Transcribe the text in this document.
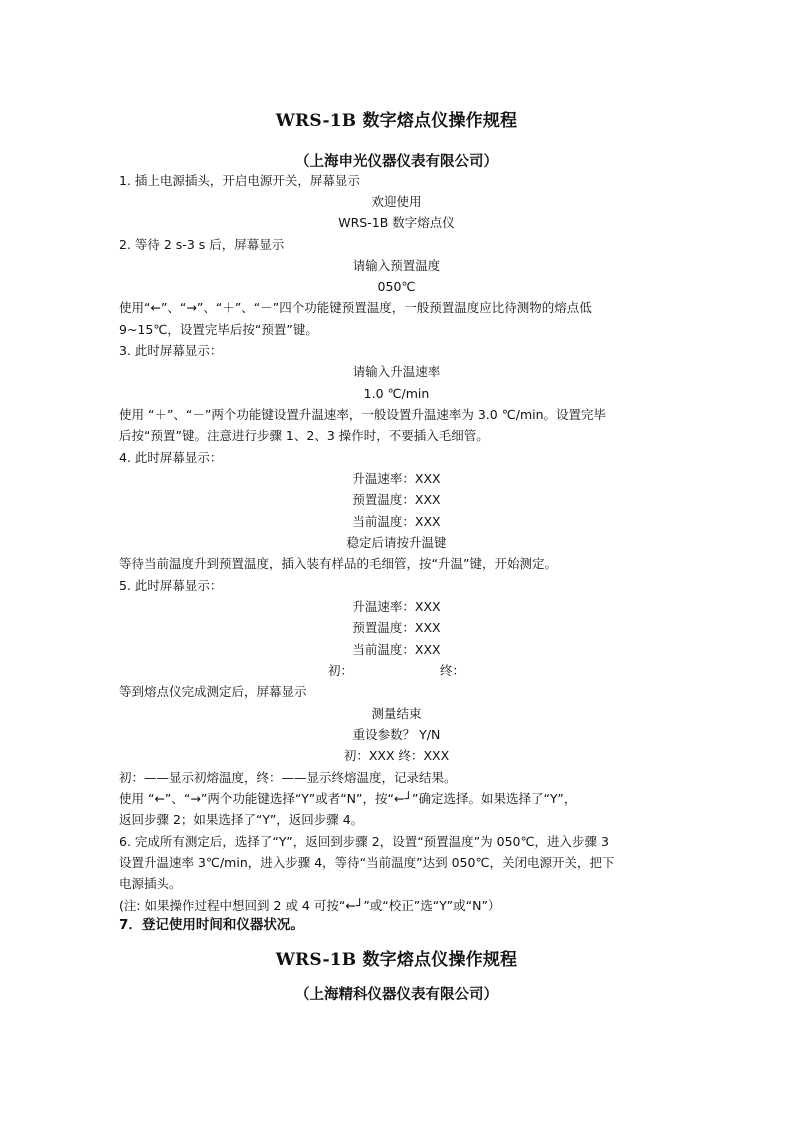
WRS-1B 数字熔点仪操作规程
（上海申光仪器仪表有限公司）
1. 插上电源插头，开启电源开关，屏幕显示
欢迎使用
WRS-1B 数字熔点仪
2. 等待 2 s-3 s 后，屏幕显示
请输入预置温度
050℃
使用“←”、“→”、“＋”、“－”四个功能键预置温度，一般预置温度应比待测物的熔点低
9~15℃，设置完毕后按“预置”键。
3. 此时屏幕显示：
请输入升温速率
1.0 ℃/min
使用 “＋”、“－”两个功能键设置升温速率，一般设置升温速率为 3.0 ℃/min。设置完毕
后按“预置”键。注意进行步骤 1、2、3 操作时，不要插入毛细管。
4. 此时屏幕显示：
升温速率：XXX
预置温度：XXX
当前温度：XXX
稳定后请按升温键
等待当前温度升到预置温度，插入装有样品的毛细管，按“升温”键，开始测定。
5. 此时屏幕显示：
升温速率：XXX
预置温度：XXX
当前温度：XXX
初：	终：
等到熔点仪完成测定后，屏幕显示
测量结束
重设参数？ Y/N
初：XXX 终：XXX
初：——显示初熔温度，终：——显示终熔温度，记录结果。
使用 “←”、“→”两个功能键选择“Y”或者“N”，按“←┘”确定选择。如果选择了“Y”，
返回步骤 2；如果选择了“Y”，返回步骤 4。
6. 完成所有测定后，选择了“Y”，返回到步骤 2，设置“预置温度”为 050℃，进入步骤 3
设置升温速率 3℃/min，进入步骤 4，等待“当前温度”达到 050℃，关闭电源开关，把下
电源插头。
(注: 如果操作过程中想回到 2 或 4 可按“←┘”或“校正”选“Y”或“N”）
7．登记使用时间和仪器状况。
WRS-1B 数字熔点仪操作规程
（上海精科仪器仪表有限公司）
